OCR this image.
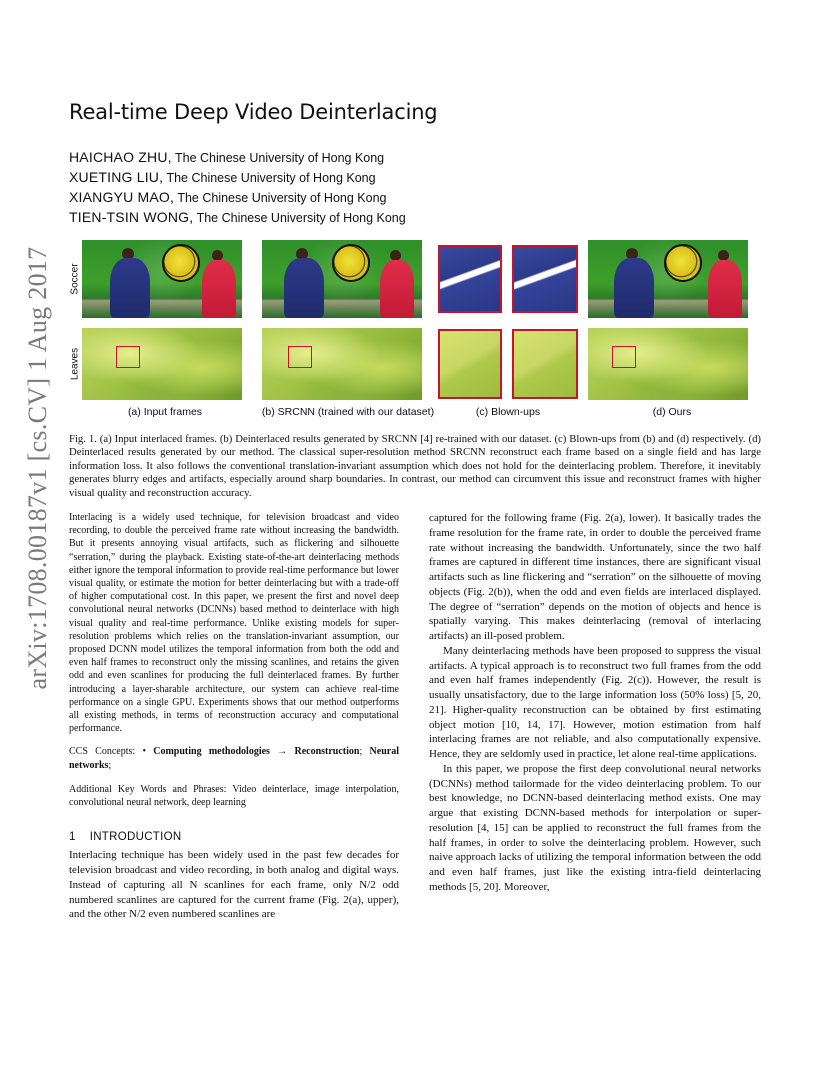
arXiv:1708.00187v1 [cs.CV] 1 Aug 2017
Real-time Deep Video Deinterlacing
HAICHAO ZHU, The Chinese University of Hong Kong
XUETING LIU, The Chinese University of Hong Kong
XIANGYU MAO, The Chinese University of Hong Kong
TIEN-TSIN WONG, The Chinese University of Hong Kong
Soccer
Leaves
(a) Input frames	(b) SRCNN (trained with our dataset)	(c) Blown-ups	(d) Ours

Fig. 1. (a) Input interlaced frames. (b) Deinterlaced results generated by SRCNN [4] re-trained with our dataset. (c) Blown-ups from (b) and (d) respectively. (d) Deinterlaced results generated by our method. The classical super-resolution method SRCNN reconstruct each frame based on a single field and has large information loss. It also follows the conventional translation-invariant assumption which does not hold for the deinterlacing problem. Therefore, it inevitably generates blurry edges and artifacts, especially around sharp boundaries. In contrast, our method can circumvent this issue and reconstruct frames with higher visual quality and reconstruction accuracy.

Interlacing is a widely used technique, for television broadcast and video recording, to double the perceived frame rate without increasing the bandwidth. But it presents annoying visual artifacts, such as flickering and silhouette “serration,” during the playback. Existing state-of-the-art deinterlacing methods either ignore the temporal information to provide real-time performance but lower visual quality, or estimate the motion for better deinterlacing but with a trade-off of higher computational cost. In this paper, we present the first and novel deep convolutional neural networks (DCNNs) based method to deinterlace with high visual quality and real-time performance. Unlike existing models for super-resolution problems which relies on the translation-invariant assumption, our proposed DCNN model utilizes the temporal information from both the odd and even half frames to reconstruct only the missing scanlines, and retains the given odd and even scanlines for producing the full deinterlaced frames. By further introducing a layer-sharable architecture, our system can achieve real-time performance on a single GPU. Experiments shows that our method outperforms all existing methods, in terms of reconstruction accuracy and computational performance.

CCS Concepts: • Computing methodologies → Reconstruction; Neural networks;

Additional Key Words and Phrases: Video deinterlace, image interpolation, convolutional neural network, deep learning

1 INTRODUCTION

Interlacing technique has been widely used in the past few decades for television broadcast and video recording, in both analog and digital ways. Instead of capturing all N scanlines for each frame, only N/2 odd numbered scanlines are captured for the current frame (Fig. 2(a), upper), and the other N/2 even numbered scanlines are

captured for the following frame (Fig. 2(a), lower). It basically trades the frame resolution for the frame rate, in order to double the perceived frame rate without increasing the bandwidth. Unfortunately, since the two half frames are captured in different time instances, there are significant visual artifacts such as line flickering and “serration” on the silhouette of moving objects (Fig. 2(b)), when the odd and even fields are interlaced displayed. The degree of “serration” depends on the motion of objects and hence is spatially varying. This makes deinterlacing (removal of interlacing artifacts) an ill-posed problem.

Many deinterlacing methods have been proposed to suppress the visual artifacts. A typical approach is to reconstruct two full frames from the odd and even half frames independently (Fig. 2(c)). However, the result is usually unsatisfactory, due to the large information loss (50% loss) [5, 20, 21]. Higher-quality reconstruction can be obtained by first estimating object motion [10, 14, 17]. However, motion estimation from half interlacing frames are not reliable, and also computationally expensive. Hence, they are seldomly used in practice, let alone real-time applications.

In this paper, we propose the first deep convolutional neural networks (DCNNs) method tailormade for the video deinterlacing problem. To our best knowledge, no DCNN-based deinterlacing method exists. One may argue that existing DCNN-based methods for interpolation or super-resolution [4, 15] can be applied to reconstruct the full frames from the half frames, in order to solve the deinterlacing problem. However, such naive approach lacks of utilizing the temporal information between the odd and even half frames, just like the existing intra-field deinterlacing methods [5, 20]. Moreover,
